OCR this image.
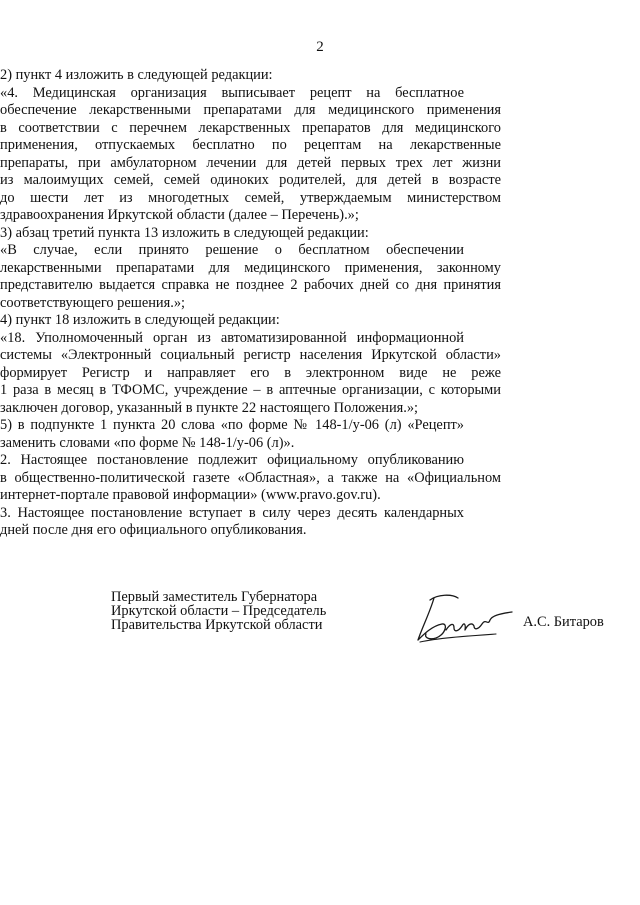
2
2) пункт 4 изложить в следующей редакции:
«4. Медицинская организация выписывает рецепт на бесплатное
обеспечение лекарственными препаратами для медицинского применения
в соответствии с перечнем лекарственных препаратов для медицинского
применения, отпускаемых бесплатно по рецептам на лекарственные
препараты, при амбулаторном лечении для детей первых трех лет жизни
из малоимущих семей, семей одиноких родителей, для детей в возрасте
до шести лет из многодетных семей, утверждаемым министерством
здравоохранения Иркутской области (далее – Перечень).»;
3) абзац третий пункта 13 изложить в следующей редакции:
«В случае, если принято решение о бесплатном обеспечении
лекарственными препаратами для медицинского применения, законному
представителю выдается справка не позднее 2 рабочих дней со дня принятия
соответствующего решения.»;
4) пункт 18 изложить в следующей редакции:
«18. Уполномоченный орган из автоматизированной информационной
системы «Электронный социальный регистр населения Иркутской области»
формирует Регистр и направляет его в электронном виде не реже
1 раза в месяц в ТФОМС, учреждение – в аптечные организации, с которыми
заключен договор, указанный в пункте 22 настоящего Положения.»;
5) в подпункте 1 пункта 20 слова «по форме № 148-1/у-06 (л) «Рецепт»
заменить словами «по форме № 148-1/у-06 (л)».
2. Настоящее постановление подлежит официальному опубликованию
в общественно-политической газете «Областная», а также на «Официальном
интернет-портале правовой информации» (www.pravo.gov.ru).
3. Настоящее постановление вступает в силу через десять календарных
дней после дня его официального опубликования.
Первый заместитель Губернатора
Иркутской области – Председатель
Правительства Иркутской области	А.С. Битаров
